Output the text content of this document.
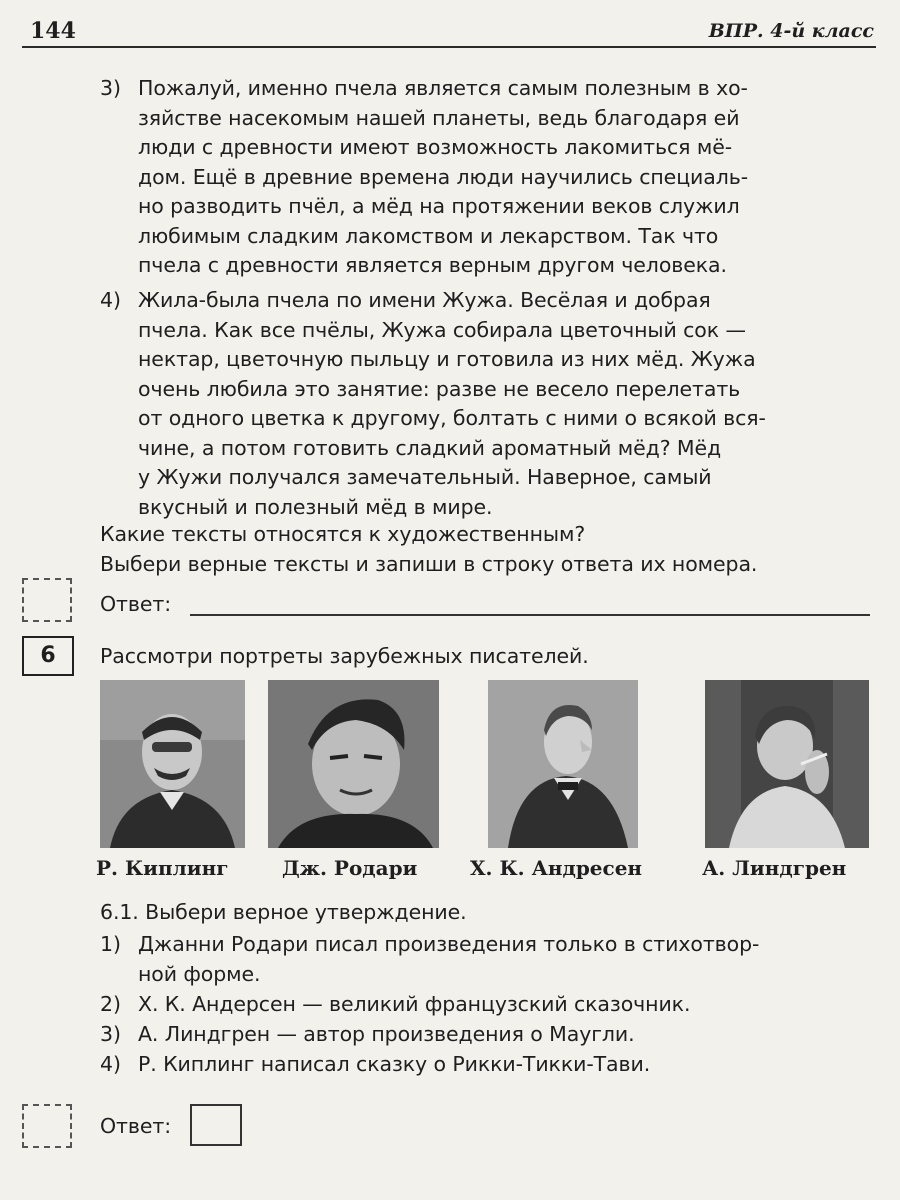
144	ВПР. 4-й класс
3) Пожалуй, именно пчела является самым полезным в хо-
зяйстве насекомым нашей планеты, ведь благодаря ей
люди с древности имеют возможность лакомиться мё-
дом. Ещё в древние времена люди научились специаль-
но разводить пчёл, а мёд на протяжении веков служил
любимым сладким лакомством и лекарством. Так что
пчела с древности является верным другом человека.
4) Жила-была пчела по имени Жужа. Весёлая и добрая
пчела. Как все пчёлы, Жужа собирала цветочный сок —
нектар, цветочную пыльцу и готовила из них мёд. Жужа
очень любила это занятие: разве не весело перелетать
от одного цветка к другому, болтать с ними о всякой вся-
чине, а потом готовить сладкий ароматный мёд? Мёд
у Жужи получался замечательный. Наверное, самый
вкусный и полезный мёд в мире.
Какие тексты относятся к художественным?
Выбери верные тексты и запиши в строку ответа их номера.
Ответ:
6	Рассмотри портреты зарубежных писателей.
Р. Киплинг	Дж. Родари	Х. К. Андресен	А. Линдгрен
6.1. Выбери верное утверждение.
1) Джанни Родари писал произведения только в стихотвор-
ной форме.
2) Х. К. Андерсен — великий французский сказочник.
3) А. Линдгрен — автор произведения о Маугли.
4) Р. Киплинг написал сказку о Рикки-Тикки-Тави.
Ответ:
